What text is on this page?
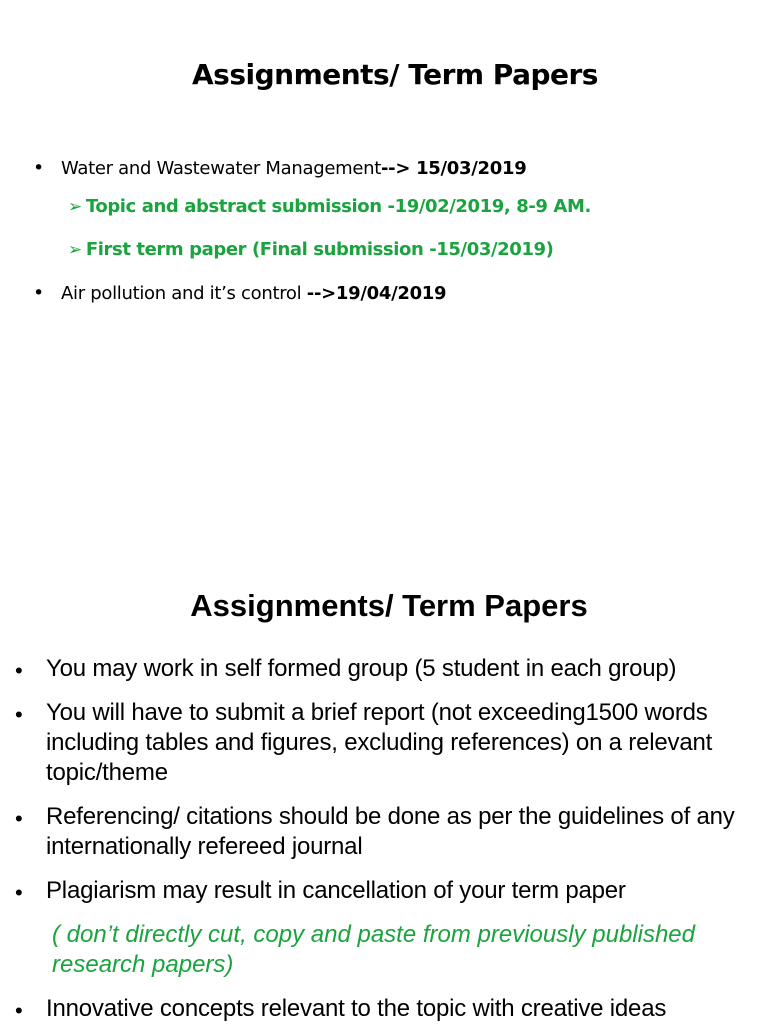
Assignments/ Term Papers
• Water and Wastewater Management--> 15/03/2019
➢ Topic and abstract submission -19/02/2019, 8-9 AM.
➢ First term paper (Final submission -15/03/2019)
• Air pollution and it’s control -->19/04/2019
Assignments/ Term Papers
• You may work in self formed group (5 student in each group)
• You will have to submit a brief report (not exceeding1500 words including tables and figures, excluding references) on a relevant topic/theme
• Referencing/ citations should be done as per the guidelines of any internationally refereed journal
• Plagiarism may result in cancellation of your term paper
( don’t directly cut, copy and paste from previously published research papers)
• Innovative concepts relevant to the topic with creative ideas
